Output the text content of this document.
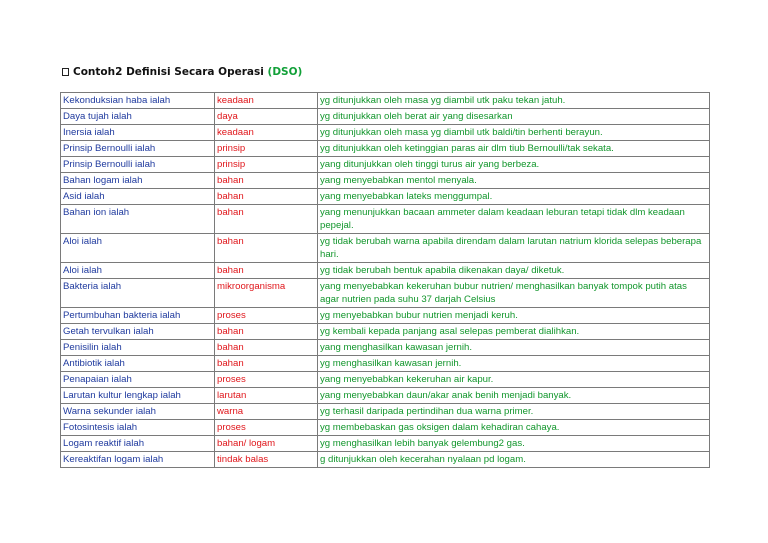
Contoh2 Definisi Secara Operasi (DSO)
Kekonduksian haba ialah	keadaan	yg ditunjukkan oleh masa yg diambil utk paku tekan jatuh.
Daya tujah ialah	daya	yg ditunjukkan oleh berat air yang disesarkan
Inersia ialah	keadaan	yg ditunjukkan oleh masa yg diambil utk baldi/tin berhenti berayun.
Prinsip Bernoulli ialah	prinsip	yg ditunjukkan oleh ketinggian paras air dlm tiub Bernoulli/tak sekata.
Prinsip Bernoulli ialah	prinsip	yang ditunjukkan oleh tinggi turus air yang berbeza.
Bahan logam ialah	bahan	yang menyebabkan mentol menyala.
Asid ialah	bahan	yang menyebabkan lateks menggumpal.
Bahan ion ialah	bahan	yang menunjukkan bacaan ammeter dalam keadaan leburan tetapi tidak dlm keadaan pepejal.
Aloi ialah	bahan	yg tidak berubah warna apabila direndam dalam larutan natrium klorida selepas beberapa hari.
Aloi ialah	bahan	yg tidak berubah bentuk apabila dikenakan daya/ diketuk.
Bakteria ialah	mikroorganisma	yang menyebabkan kekeruhan bubur nutrien/ menghasilkan banyak tompok putih atas agar nutrien pada suhu 37 darjah Celsius
Pertumbuhan bakteria ialah	proses	yg menyebabkan bubur nutrien menjadi keruh.
Getah tervulkan ialah	bahan	yg kembali kepada panjang asal selepas pemberat dialihkan.
Penisilin ialah	bahan	yang menghasilkan kawasan jernih.
Antibiotik ialah	bahan	yg menghasilkan kawasan jernih.
Penapaian ialah	proses	yang menyebabkan kekeruhan air kapur.
Larutan kultur lengkap ialah	larutan	yang menyebabkan daun/akar anak benih menjadi banyak.
Warna sekunder ialah	warna	yg terhasil daripada pertindihan dua warna primer.
Fotosintesis ialah	proses	yg membebaskan gas oksigen dalam kehadiran cahaya.
Logam reaktif ialah	bahan/ logam	yg menghasilkan lebih banyak gelembung2 gas.
Kereaktifan logam ialah	tindak balas	g ditunjukkan oleh kecerahan nyalaan pd logam.
